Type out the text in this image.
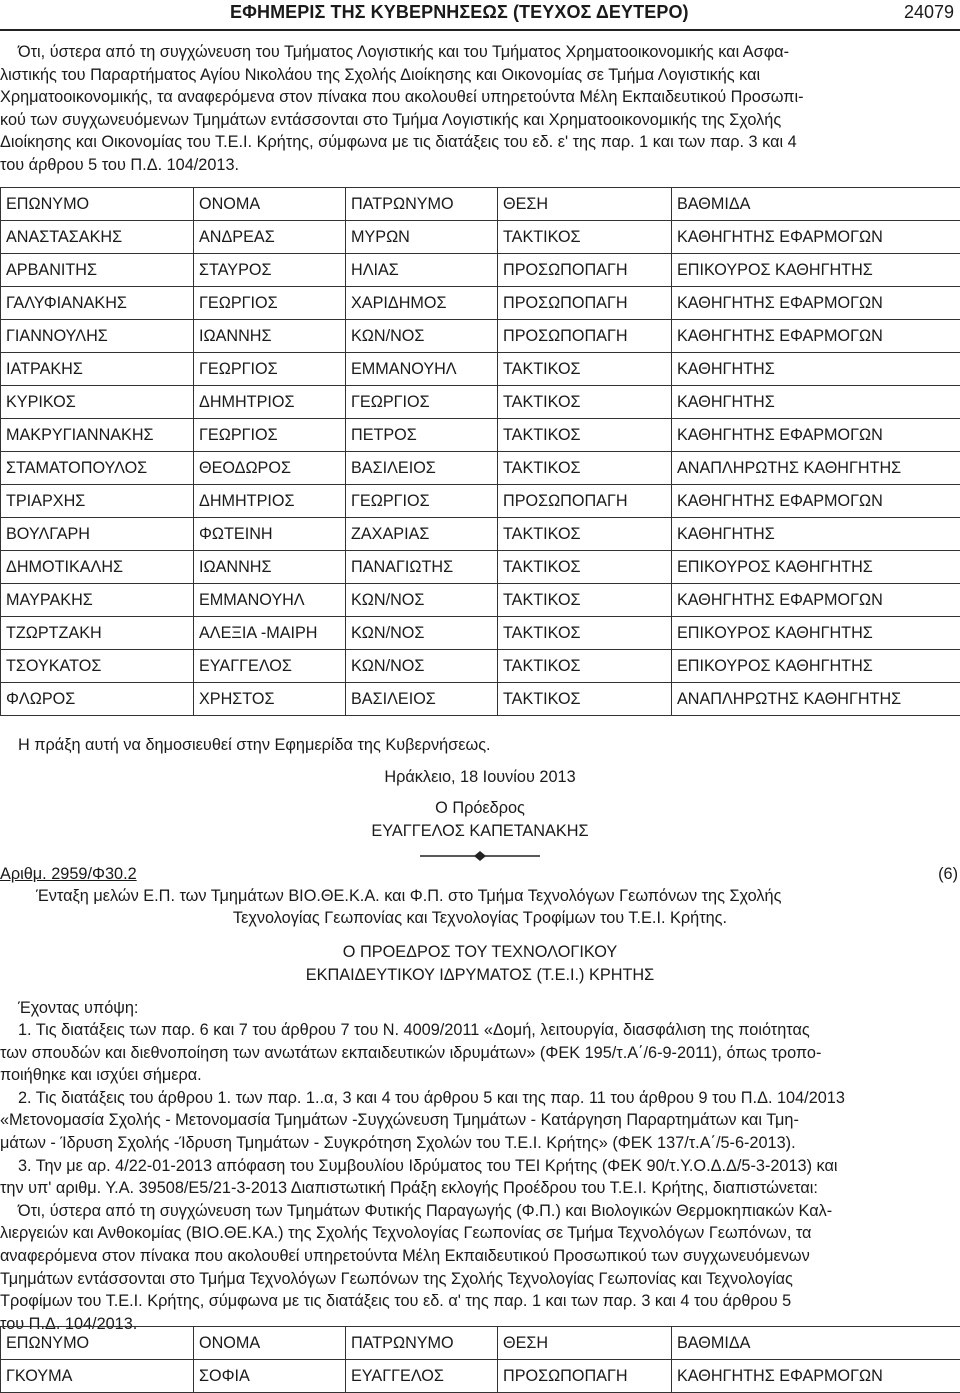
ΕΦΗΜΕΡΙΣ ΤΗΣ ΚΥΒΕΡΝΗΣΕΩΣ (ΤΕΥΧΟΣ ΔΕΥΤΕΡΟ)	24079
Ότι, ύστερα από τη συγχώνευση του Τμήματος Λογιστικής και του Τμήματος Χρηματοοικονομικής και Ασφα-
λιστικής του Παραρτήματος Αγίου Νικολάου της Σχολής Διοίκησης και Οικονομίας σε Τμήμα Λογιστικής και
Χρηματοοικονομικής, τα αναφερόμενα στον πίνακα που ακολουθεί υπηρετούντα Μέλη Εκπαιδευτικού Προσωπι-
κού των συγχωνευόμενων Τμημάτων εντάσσονται στο Τμήμα Λογιστικής και Χρηματοοικονομικής της Σχολής
Διοίκησης και Οικονομίας του Τ.Ε.Ι. Κρήτης, σύμφωνα με τις διατάξεις του εδ. ε' της παρ. 1 και των παρ. 3 και 4
του άρθρου 5 του Π.Δ. 104/2013.
ΕΠΩΝΥΜΟ	ΟΝΟΜΑ	ΠΑΤΡΩΝΥΜΟ	ΘΕΣΗ	ΒΑΘΜΙΔΑ
ΑΝΑΣΤΑΣΑΚΗΣ	ΑΝΔΡΕΑΣ	ΜΥΡΩΝ	ΤΑΚΤΙΚΟΣ	ΚΑΘΗΓΗΤΗΣ ΕΦΑΡΜΟΓΩΝ
ΑΡΒΑΝΙΤΗΣ	ΣΤΑΥΡΟΣ	ΗΛΙΑΣ	ΠΡΟΣΩΠΟΠΑΓΗ	ΕΠΙΚΟΥΡΟΣ ΚΑΘΗΓΗΤΗΣ
ΓΑΛΥΦΙΑΝΑΚΗΣ	ΓΕΩΡΓΙΟΣ	ΧΑΡΙΔΗΜΟΣ	ΠΡΟΣΩΠΟΠΑΓΗ	ΚΑΘΗΓΗΤΗΣ ΕΦΑΡΜΟΓΩΝ
ΓΙΑΝΝΟΥΛΗΣ	ΙΩΑΝΝΗΣ	ΚΩΝ/ΝΟΣ	ΠΡΟΣΩΠΟΠΑΓΗ	ΚΑΘΗΓΗΤΗΣ ΕΦΑΡΜΟΓΩΝ
ΙΑΤΡΑΚΗΣ	ΓΕΩΡΓΙΟΣ	ΕΜΜΑΝΟΥΗΛ	ΤΑΚΤΙΚΟΣ	ΚΑΘΗΓΗΤΗΣ
ΚΥΡΙΚΟΣ	ΔΗΜΗΤΡΙΟΣ	ΓΕΩΡΓΙΟΣ	ΤΑΚΤΙΚΟΣ	ΚΑΘΗΓΗΤΗΣ
ΜΑΚΡΥΓΙΑΝΝΑΚΗΣ	ΓΕΩΡΓΙΟΣ	ΠΕΤΡΟΣ	ΤΑΚΤΙΚΟΣ	ΚΑΘΗΓΗΤΗΣ ΕΦΑΡΜΟΓΩΝ
ΣΤΑΜΑΤΟΠΟΥΛΟΣ	ΘΕΟΔΩΡΟΣ	ΒΑΣΙΛΕΙΟΣ	ΤΑΚΤΙΚΟΣ	ΑΝΑΠΛΗΡΩΤΗΣ ΚΑΘΗΓΗΤΗΣ
ΤΡΙΑΡΧΗΣ	ΔΗΜΗΤΡΙΟΣ	ΓΕΩΡΓΙΟΣ	ΠΡΟΣΩΠΟΠΑΓΗ	ΚΑΘΗΓΗΤΗΣ ΕΦΑΡΜΟΓΩΝ
ΒΟΥΛΓΑΡΗ	ΦΩΤΕΙΝΗ	ΖΑΧΑΡΙΑΣ	ΤΑΚΤΙΚΟΣ	ΚΑΘΗΓΗΤΗΣ
ΔΗΜΟΤΙΚΑΛΗΣ	ΙΩΑΝΝΗΣ	ΠΑΝΑΓΙΩΤΗΣ	ΤΑΚΤΙΚΟΣ	ΕΠΙΚΟΥΡΟΣ ΚΑΘΗΓΗΤΗΣ
ΜΑΥΡΑΚΗΣ	ΕΜΜΑΝΟΥΗΛ	ΚΩΝ/ΝΟΣ	ΤΑΚΤΙΚΟΣ	ΚΑΘΗΓΗΤΗΣ ΕΦΑΡΜΟΓΩΝ
ΤΖΩΡΤΖΑΚΗ	ΑΛΕΞΙΑ -ΜΑΙΡΗ	ΚΩΝ/ΝΟΣ	ΤΑΚΤΙΚΟΣ	ΕΠΙΚΟΥΡΟΣ ΚΑΘΗΓΗΤΗΣ
ΤΣΟΥΚΑΤΟΣ	ΕΥΑΓΓΕΛΟΣ	ΚΩΝ/ΝΟΣ	ΤΑΚΤΙΚΟΣ	ΕΠΙΚΟΥΡΟΣ ΚΑΘΗΓΗΤΗΣ
ΦΛΩΡΟΣ	ΧΡΗΣΤΟΣ	ΒΑΣΙΛΕΙΟΣ	ΤΑΚΤΙΚΟΣ	ΑΝΑΠΛΗΡΩΤΗΣ ΚΑΘΗΓΗΤΗΣ
Η πράξη αυτή να δημοσιευθεί στην Εφημερίδα της Κυβερνήσεως.
Ηράκλειο, 18 Ιουνίου 2013
Ο Πρόεδρος
ΕΥΑΓΓΕΛΟΣ ΚΑΠΕΤΑΝΑΚΗΣ
Αριθμ. 2959/Φ30.2	(6)
Ένταξη μελών Ε.Π. των Τμημάτων ΒΙΟ.ΘΕ.Κ.Α. και Φ.Π. στο Τμήμα Τεχνολόγων Γεωπόνων της Σχολής
Τεχνολογίας Γεωπονίας και Τεχνολογίας Τροφίμων του Τ.Ε.Ι. Κρήτης.
Ο ΠΡΟΕΔΡΟΣ ΤΟΥ ΤΕΧΝΟΛΟΓΙΚΟΥ
ΕΚΠΑΙΔΕΥΤΙΚΟΥ ΙΔΡΥΜΑΤΟΣ (Τ.Ε.Ι.) ΚΡΗΤΗΣ
Έχοντας υπόψη:
1. Τις διατάξεις των παρ. 6 και 7 του άρθρου 7 του Ν. 4009/2011 «Δομή, λειτουργία, διασφάλιση της ποιότητας
των σπουδών και διεθνοποίηση των ανωτάτων εκπαιδευτικών ιδρυμάτων» (ΦΕΚ 195/τ.Α΄/6-9-2011), όπως τροπο-
ποιήθηκε και ισχύει σήμερα.
2. Τις διατάξεις του άρθρου 1. των παρ. 1..α, 3 και 4 του άρθρου 5 και της παρ. 11 του άρθρου 9 του Π.Δ. 104/2013
«Μετονομασία Σχολής - Μετονομασία Τμημάτων -Συγχώνευση Τμημάτων - Κατάργηση Παραρτημάτων και Τμη-
μάτων - Ίδρυση Σχολής -Ίδρυση Τμημάτων - Συγκρότηση Σχολών του Τ.Ε.Ι. Κρήτης» (ΦΕΚ 137/τ.Α΄/5-6-2013).
3. Την με αρ. 4/22-01-2013 απόφαση του Συμβουλίου Ιδρύματος του ΤΕΙ Κρήτης (ΦΕΚ 90/τ.Υ.Ο.Δ.Δ/5-3-2013) και
την υπ' αριθμ. Υ.Α. 39508/Ε5/21-3-2013 Διαπιστωτική Πράξη εκλογής Προέδρου του Τ.Ε.Ι. Κρήτης, διαπιστώνεται:
Ότι, ύστερα από τη συγχώνευση των Τμημάτων Φυτικής Παραγωγής (Φ.Π.) και Βιολογικών Θερμοκηπιακών Καλ-
λιεργειών και Ανθοκομίας (ΒΙΟ.ΘΕ.ΚΑ.) της Σχολής Τεχνολογίας Γεωπονίας σε Τμήμα Τεχνολόγων Γεωπόνων, τα
αναφερόμενα στον πίνακα που ακολουθεί υπηρετούντα Μέλη Εκπαιδευτικού Προσωπικού των συγχωνευόμενων
Τμημάτων εντάσσονται στο Τμήμα Τεχνολόγων Γεωπόνων της Σχολής Τεχνολογίας Γεωπονίας και Τεχνολογίας
Τροφίμων του Τ.Ε.Ι. Κρήτης, σύμφωνα με τις διατάξεις του εδ. α' της παρ. 1 και των παρ. 3 και 4 του άρθρου 5
του Π.Δ. 104/2013.
ΕΠΩΝΥΜΟ	ΟΝΟΜΑ	ΠΑΤΡΩΝΥΜΟ	ΘΕΣΗ	ΒΑΘΜΙΔΑ
ΓΚΟΥΜΑ	ΣΟΦΙΑ	ΕΥΑΓΓΕΛΟΣ	ΠΡΟΣΩΠΟΠΑΓΗ	ΚΑΘΗΓΗΤΗΣ ΕΦΑΡΜΟΓΩΝ
